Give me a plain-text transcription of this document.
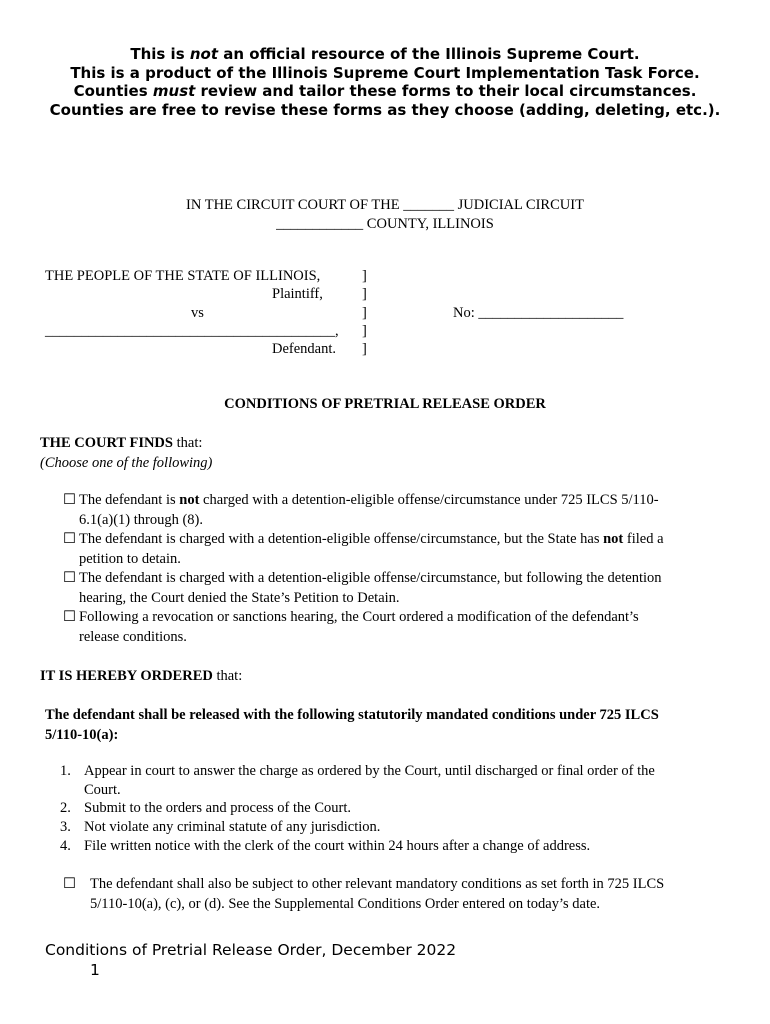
This is not an official resource of the Illinois Supreme Court.
This is a product of the Illinois Supreme Court Implementation Task Force.
Counties must review and tailor these forms to their local circumstances.
Counties are free to revise these forms as they choose (adding, deleting, etc.).
IN THE CIRCUIT COURT OF THE _______ JUDICIAL CIRCUIT
____________ COUNTY, ILLINOIS
THE PEOPLE OF THE STATE OF ILLINOIS,
Plaintiff,
vs
________________________________________,
Defendant.
]
]
]
]
]
No: ____________________
CONDITIONS OF PRETRIAL RELEASE ORDER
THE COURT FINDS that:
(Choose one of the following)
☐ The defendant is not charged with a detention-eligible offense/circumstance under 725 ILCS 5/110-
6.1(a)(1) through (8).
☐ The defendant is charged with a detention-eligible offense/circumstance, but the State has not filed a
petition to detain.
☐ The defendant is charged with a detention-eligible offense/circumstance, but following the detention
hearing, the Court denied the State’s Petition to Detain.
☐ Following a revocation or sanctions hearing, the Court ordered a modification of the defendant’s
release conditions.
IT IS HEREBY ORDERED that:
The defendant shall be released with the following statutorily mandated conditions under 725 ILCS
5/110-10(a):
1. Appear in court to answer the charge as ordered by the Court, until discharged or final order of the
Court.
2. Submit to the orders and process of the Court.
3. Not violate any criminal statute of any jurisdiction.
4. File written notice with the clerk of the court within 24 hours after a change of address.
☐ The defendant shall also be subject to other relevant mandatory conditions as set forth in 725 ILCS
5/110-10(a), (c), or (d). See the Supplemental Conditions Order entered on today’s date.
Conditions of Pretrial Release Order, December 2022
1
